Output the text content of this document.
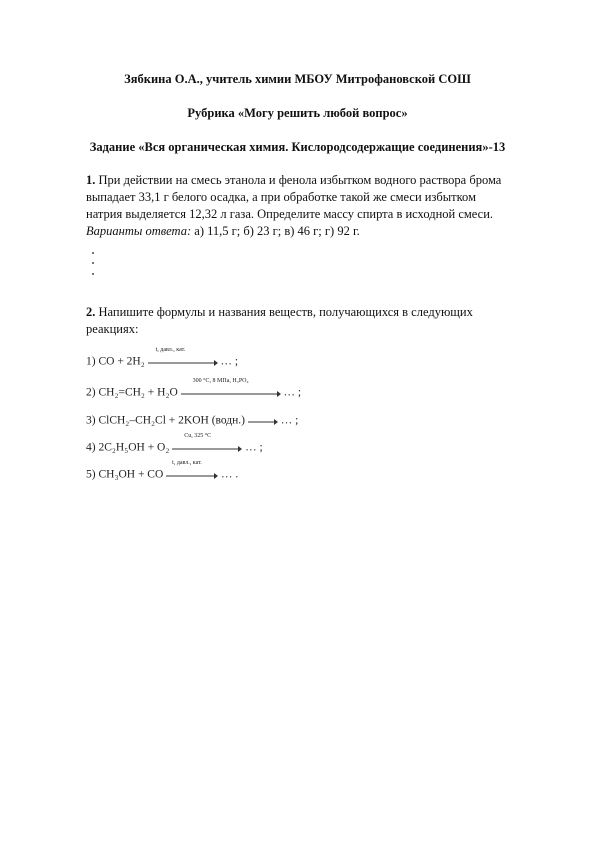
Зябкина О.А., учитель химии МБОУ Митрофановской СОШ
Рубрика «Могу решить любой вопрос»
Задание «Вся органическая химия. Кислородсодержащие соединения»-13
1. При действии на смесь этанола и фенола избытком водного раствора брома
выпадает 33,1 г белого осадка, а при обработке такой же смеси избытком
натрия выделяется 12,32 л газа. Определите массу спирта в исходной смеси.
Варианты ответа: а) 11,5 г; б) 23 г; в) 46 г; г) 92 г.
2. Напишите формулы и названия веществ, получающихся в следующих
реакциях:
1) CO + 2H₂
t, давл., кат.
… ;
2) CH₂=CH₂ + H₂O
300 °C, 8 МПа, H₃PO₄
… ;
3) ClCH₂–CH₂Cl + 2KOH (водн.) → … ;
4) 2C₂H₅OH + O₂
Cu, 325 °C
… ;
5) CH₃OH + CO
t, давл., кат.
… .
